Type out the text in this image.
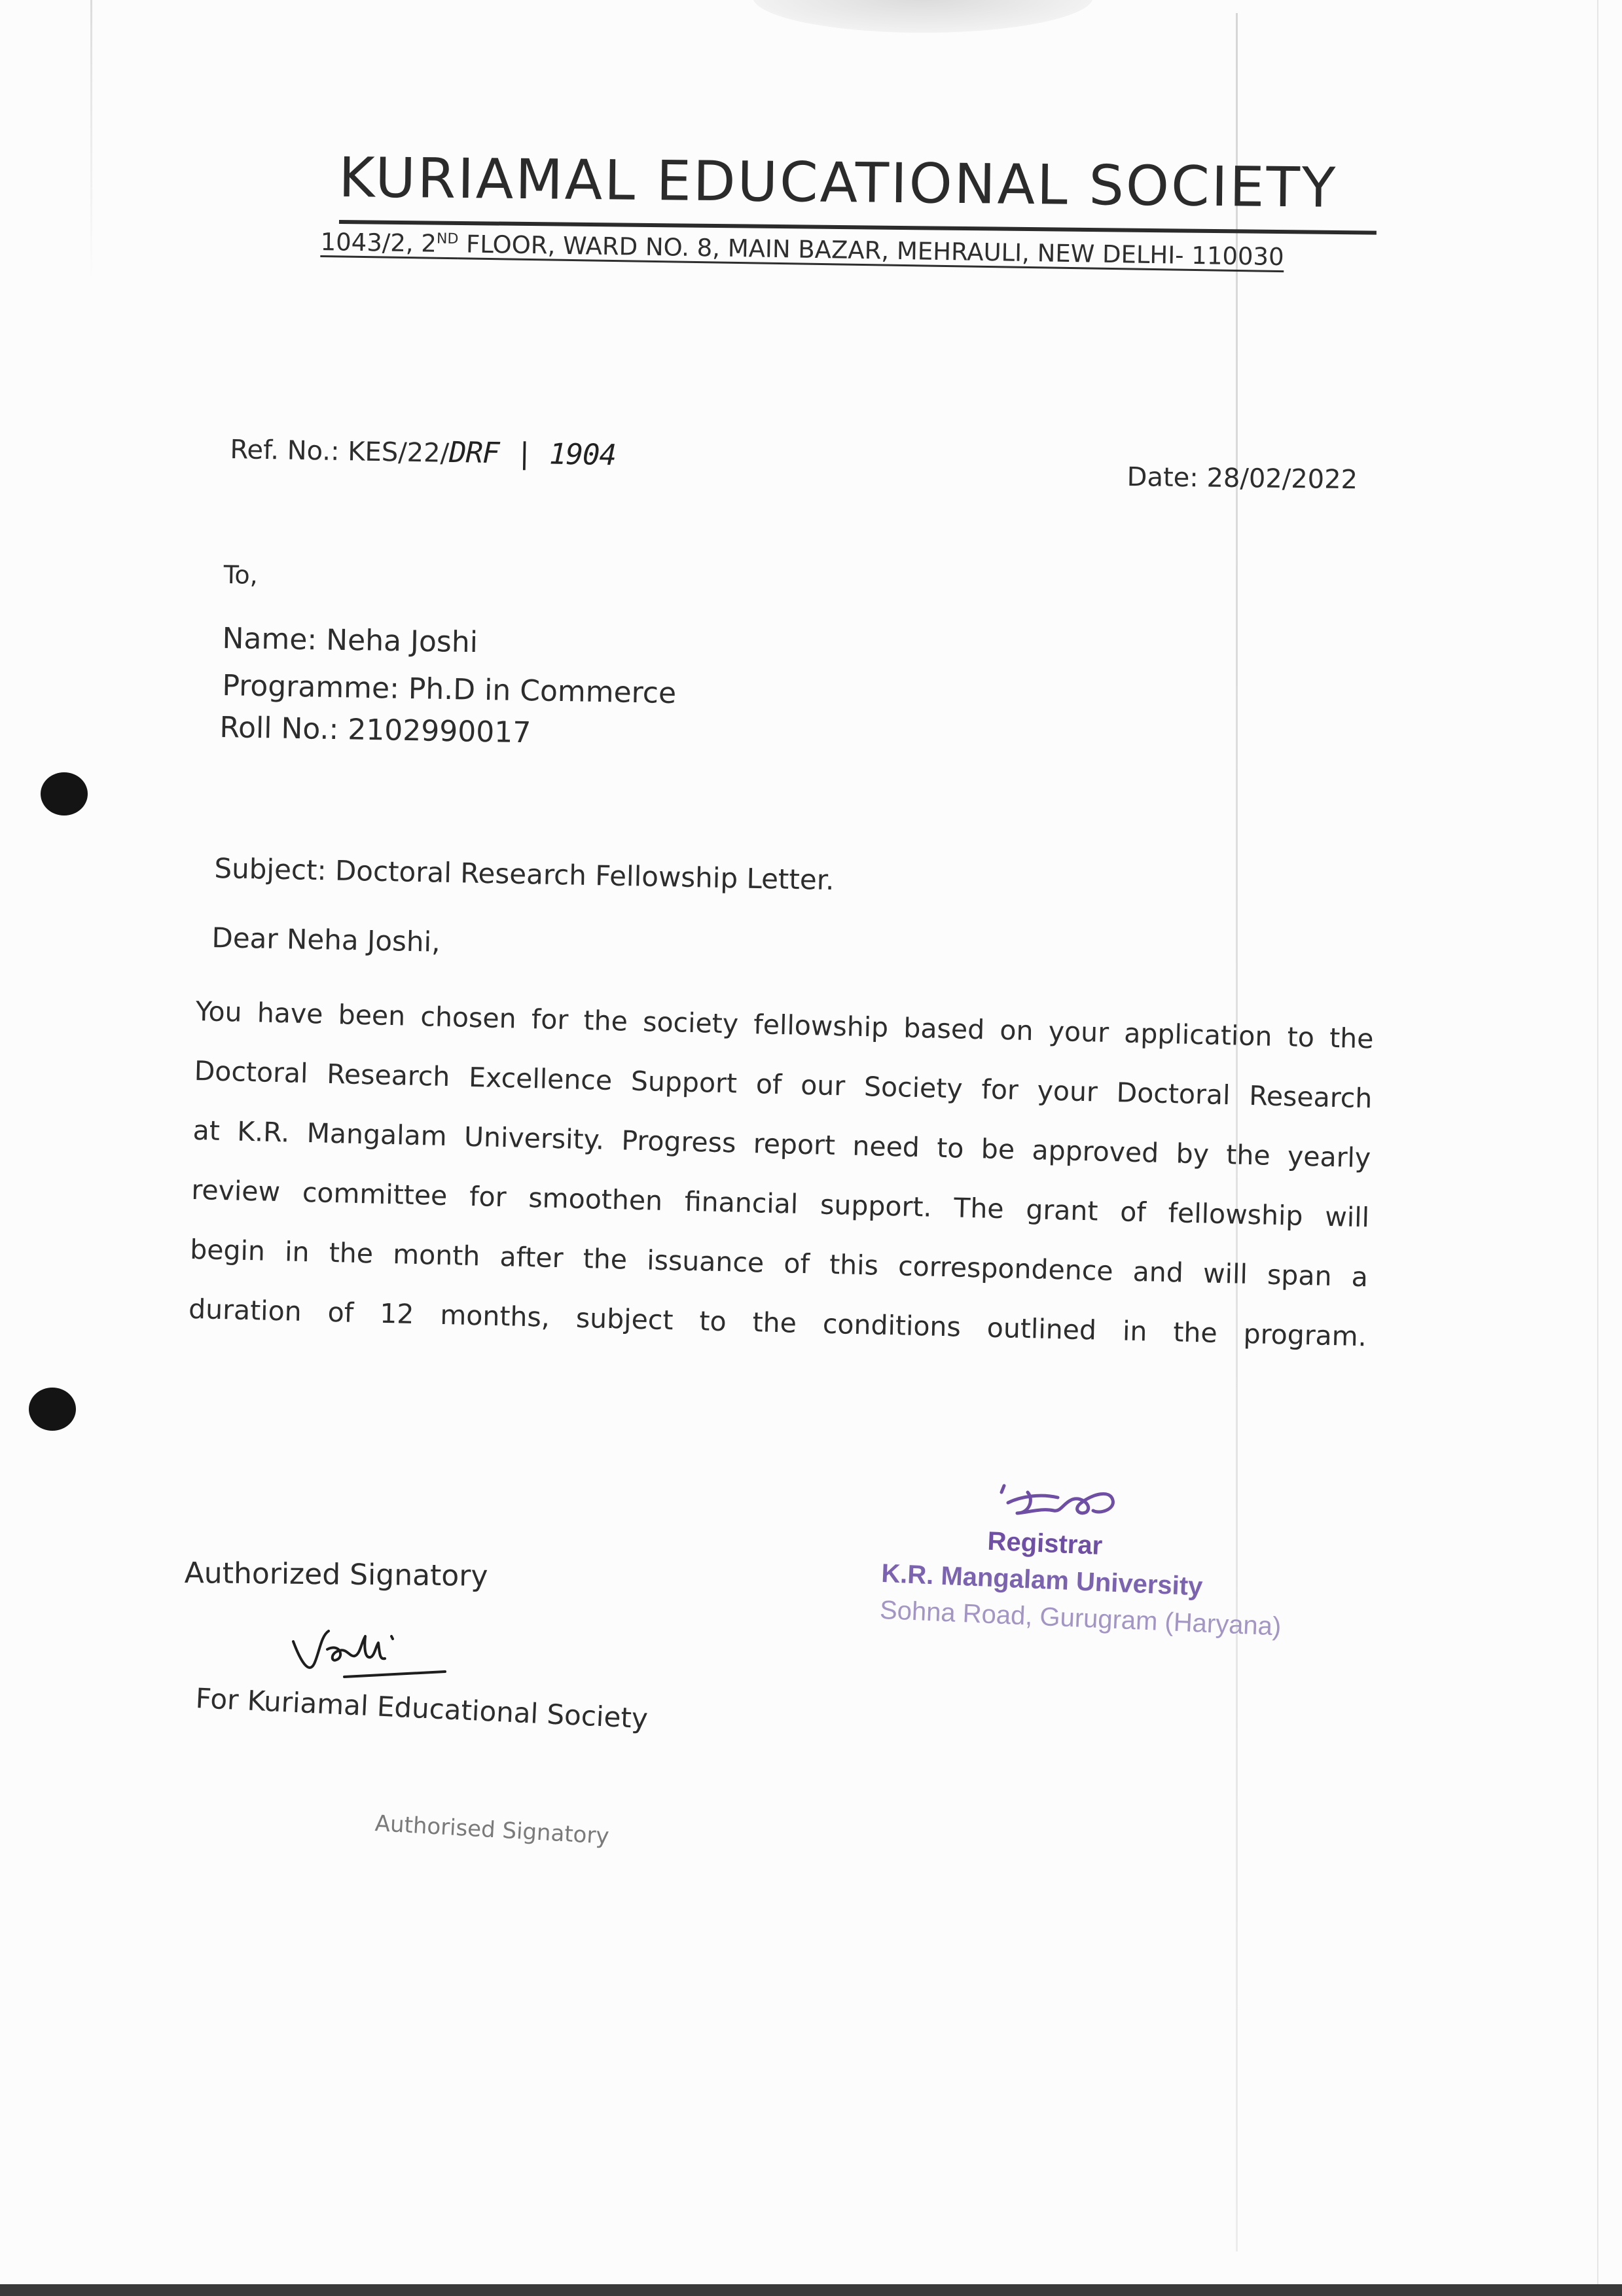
KURIAMAL EDUCATIONAL SOCIETY
1043/2, 2ND FLOOR, WARD NO. 8, MAIN BAZAR, MEHRAULI, NEW DELHI- 110030
Ref. No.: KES/22/DRF | 1904
Date: 28/02/2022
To,
Name: Neha Joshi
Programme: Ph.D in Commerce
Roll No.: 2102990017
Subject: Doctoral Research Fellowship Letter.
Dear Neha Joshi,
You have been chosen for the society fellowship based on your application to the
Doctoral Research Excellence Support of our Society for your Doctoral Research
at K.R. Mangalam University. Progress report need to be approved by the yearly
review committee for smoothen financial support. The grant of fellowship will
begin in the month after the issuance of this correspondence and will span a
duration of 12 months, subject to the conditions outlined in the program.
Authorized Signatory
For Kuriamal Educational Society
Authorised Signatory
Registrar
K.R. Mangalam University
Sohna Road, Gurugram (Haryana)
